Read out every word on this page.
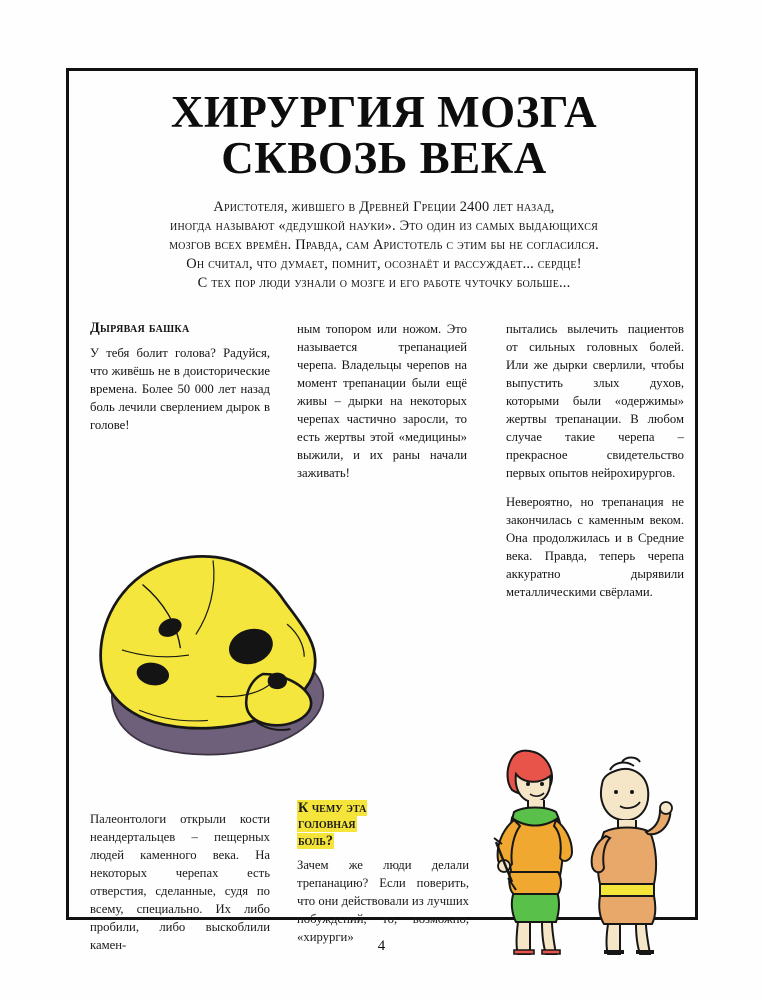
ХИРУРГИЯ МОЗГА
СКВОЗЬ ВЕКА
Аристотеля, жившего в Древней Греции 2400 лет назад,
иногда называют «дедушкой науки». Это один из самых выдающихся
мозгов всех времён. Правда, сам Аристотель с этим бы не согласился.
Он считал, что думает, помнит, осознаёт и рассуждает... сердце!
С тех пор люди узнали о мозге и его работе чуточку больше...
Дырявая башка

У тебя болит голова? Радуйся, что живёшь не в доисторические времена. Более 50 000 лет назад боль лечили сверлением дырок в голове!

ным топором или ножом. Это называется трепанацией черепа. Владельцы черепов на момент трепанации были ещё живы – дырки на некоторых черепах частично заросли, то есть жертвы этой «медицины» выжили, и их раны начали заживать!

пытались вылечить пациентов от сильных головных болей. Или же дырки сверлили, чтобы выпустить злых духов, которыми были «одержимы» жертвы трепанации. В любом случае такие черепа – прекрасное свидетельство первых опытов нейрохирургов.

Невероятно, но трепанация не закончилась с каменным веком. Она продолжилась и в Средние века. Правда, теперь черепа аккуратно дырявили металлическими свёрлами.

Палеонтологи открыли кости неандертальцев – пещерных людей каменного века. На некоторых черепах есть отверстия, сделанные, судя по всему, специально. Их либо пробили, либо выскоблили камен-
К чему эта
головная
боль?

Зачем же люди делали трепанацию? Если поверить, что они действовали из лучших побуждений, то, возможно, «хирурги»

4
